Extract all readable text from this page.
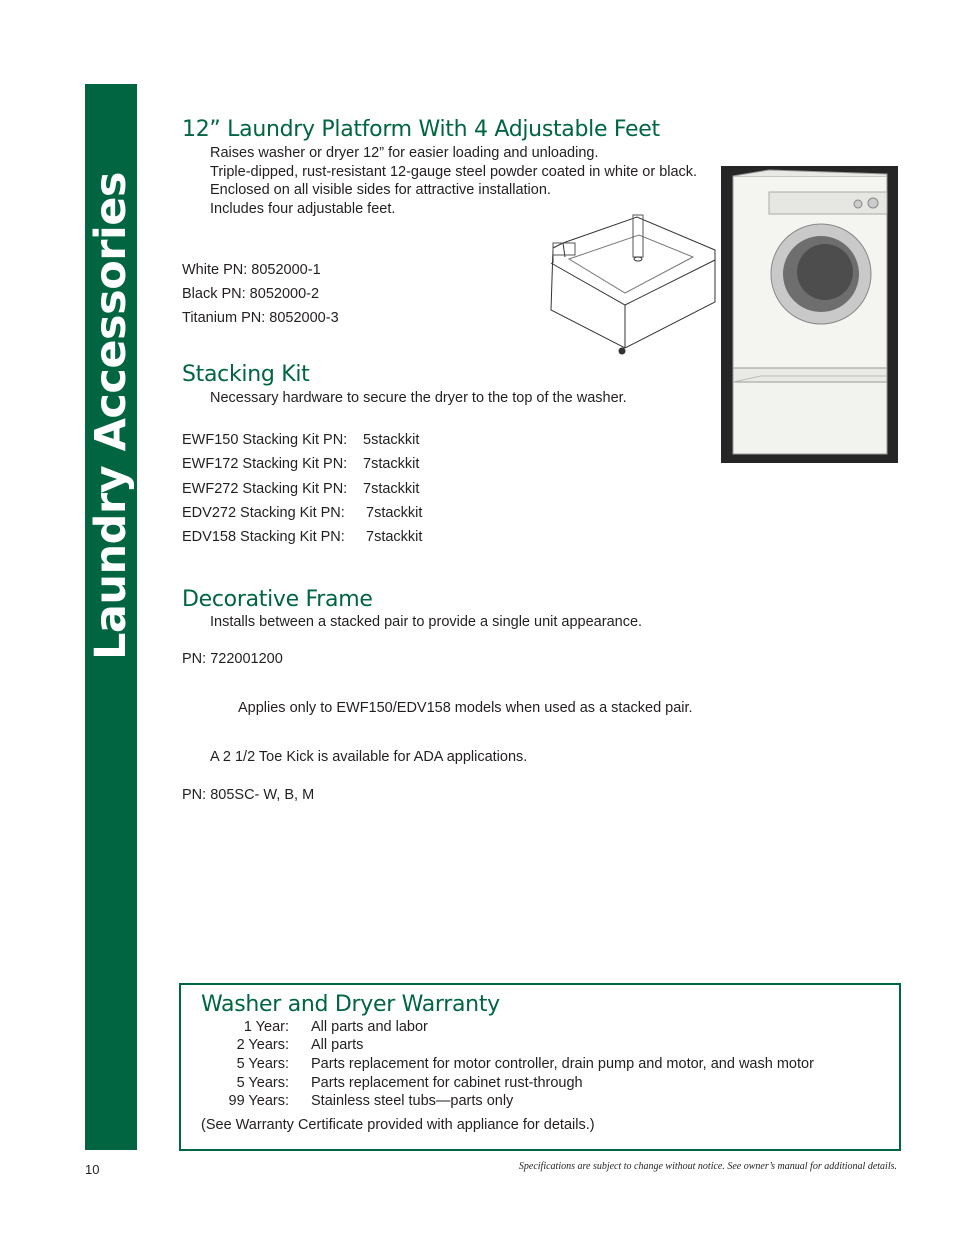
Laundry Accessories
12” Laundry Platform With 4 Adjustable Feet
Raises washer or dryer 12” for easier loading and unloading.
Triple-dipped, rust-resistant 12-gauge steel powder coated in white or black.
Enclosed on all visible sides for attractive installation.
Includes four adjustable feet.
White PN: 8052000-1
Black PN: 8052000-2
Titanium PN: 8052000-3
Stacking Kit
Necessary hardware to secure the dryer to the top of the washer.
EWF150 Stacking Kit PN: 5stackkit
EWF172 Stacking Kit PN: 7stackkit
EWF272 Stacking Kit PN: 7stackkit
EDV272 Stacking Kit PN: 7stackkit
EDV158 Stacking Kit PN: 7stackkit
Decorative Frame
Installs between a stacked pair to provide a single unit appearance.
PN: 722001200
Applies only to EWF150/EDV158 models when used as a stacked pair.
A 2 1/2 Toe Kick is available for ADA applications.
PN: 805SC- W, B, M
Washer and Dryer Warranty
1 Year: All parts and labor
2 Years: All parts
5 Years: Parts replacement for motor controller, drain pump and motor, and wash motor
5 Years: Parts replacement for cabinet rust-through
99 Years: Stainless steel tubs—parts only
(See Warranty Certificate provided with appliance for details.)
10	Specifications are subject to change without notice. See owner’s manual for additional details.
